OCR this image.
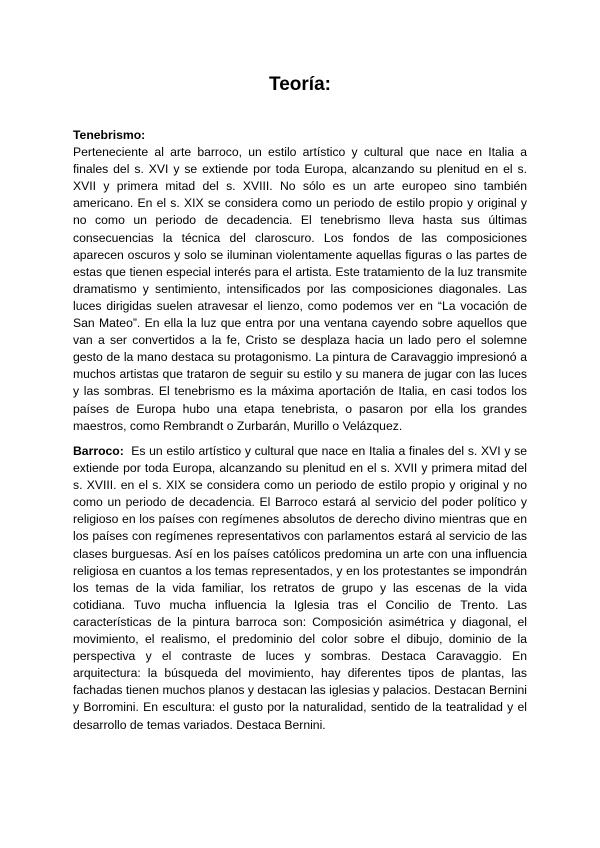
Teoría:
Tenebrismo:
Perteneciente al arte barroco, un estilo artístico y cultural que nace en Italia a finales del s. XVI y se extiende por toda Europa, alcanzando su plenitud en el s. XVII y primera mitad del s. XVIII. No sólo es un arte europeo sino también americano. En el s. XIX se considera como un periodo de estilo propio y original y no como un periodo de decadencia. El tenebrismo lleva hasta sus últimas consecuencias la técnica del claroscuro. Los fondos de las composiciones aparecen oscuros y solo se iluminan violentamente aquellas figuras o las partes de estas que tienen especial interés para el artista. Este tratamiento de la luz transmite dramatismo y sentimiento, intensificados por las composiciones diagonales. Las luces dirigidas suelen atravesar el lienzo, como podemos ver en “La vocación de San Mateo”. En ella la luz que entra por una ventana cayendo sobre aquellos que van a ser convertidos a la fe, Cristo se desplaza hacia un lado pero el solemne gesto de la mano destaca su protagonismo. La pintura de Caravaggio impresionó a muchos artistas que trataron de seguir su estilo y su manera de jugar con las luces y las sombras. El tenebrismo es la máxima aportación de Italia, en casi todos los países de Europa hubo una etapa tenebrista, o pasaron por ella los grandes maestros, como Rembrandt o Zurbarán, Murillo o Velázquez.
Barroco: Es un estilo artístico y cultural que nace en Italia a finales del s. XVI y se extiende por toda Europa, alcanzando su plenitud en el s. XVII y primera mitad del s. XVIII. en el s. XIX se considera como un periodo de estilo propio y original y no como un periodo de decadencia. El Barroco estará al servicio del poder político y religioso en los países con regímenes absolutos de derecho divino mientras que en los países con regímenes representativos con parlamentos estará al servicio de las clases burguesas. Así en los países católicos predomina un arte con una influencia religiosa en cuantos a los temas representados, y en los protestantes se impondrán los temas de la vida familiar, los retratos de grupo y las escenas de la vida cotidiana. Tuvo mucha influencia la Iglesia tras el Concilio de Trento. Las características de la pintura barroca son: Composición asimétrica y diagonal, el movimiento, el realismo, el predominio del color sobre el dibujo, dominio de la perspectiva y el contraste de luces y sombras. Destaca Caravaggio. En arquitectura: la búsqueda del movimiento, hay diferentes tipos de plantas, las fachadas tienen muchos planos y destacan las iglesias y palacios. Destacan Bernini y Borromini. En escultura: el gusto por la naturalidad, sentido de la teatralidad y el desarrollo de temas variados. Destaca Bernini.
